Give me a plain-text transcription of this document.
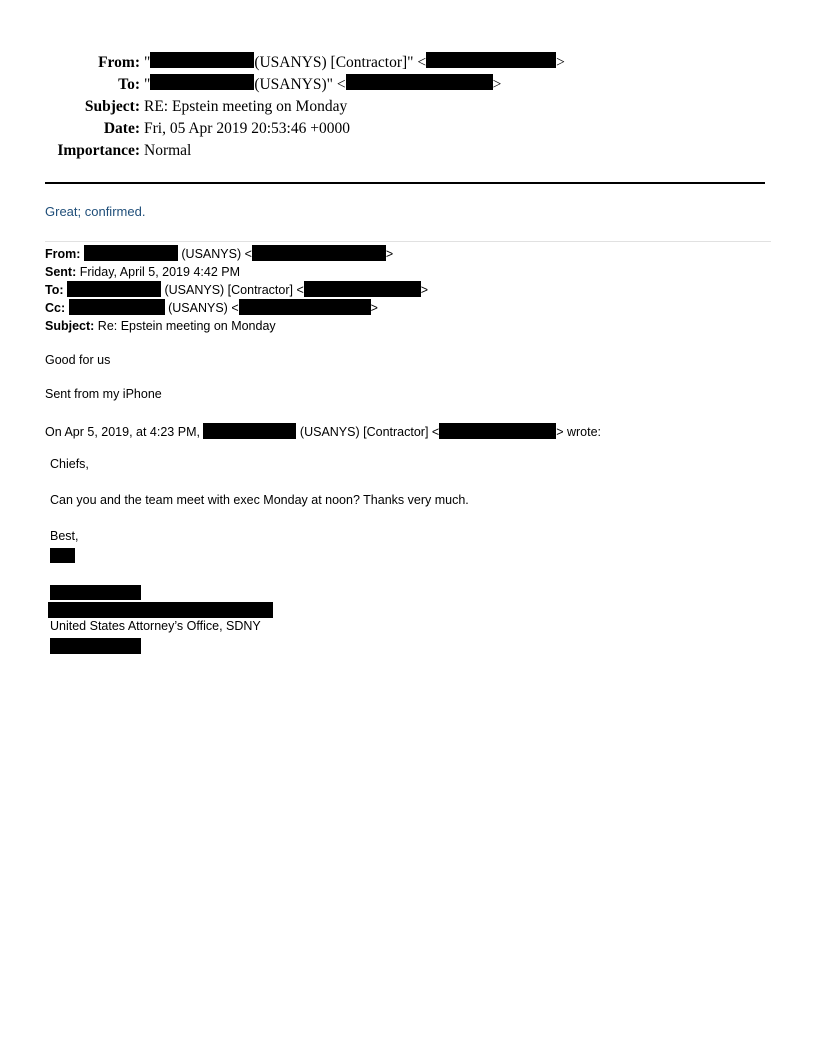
From: "	(USANYS) [Contractor]" <	>
To: "	(USANYS)" <	>
Subject: RE: Epstein meeting on Monday
Date: Fri, 05 Apr 2019 20:53:46 +0000
Importance: Normal
Great; confirmed.
From:	(USANYS) <	>
Sent: Friday, April 5, 2019 4:42 PM
To:	(USANYS) [Contractor] <	>
Cc:	(USANYS) <	>
Subject: Re: Epstein meeting on Monday
Good for us
Sent from my iPhone
On Apr 5, 2019, at 4:23 PM,	(USANYS) [Contractor] <	> wrote:
Chiefs,
Can you and the team meet with exec Monday at noon? Thanks very much.
Best,
United States Attorney’s Office, SDNY
